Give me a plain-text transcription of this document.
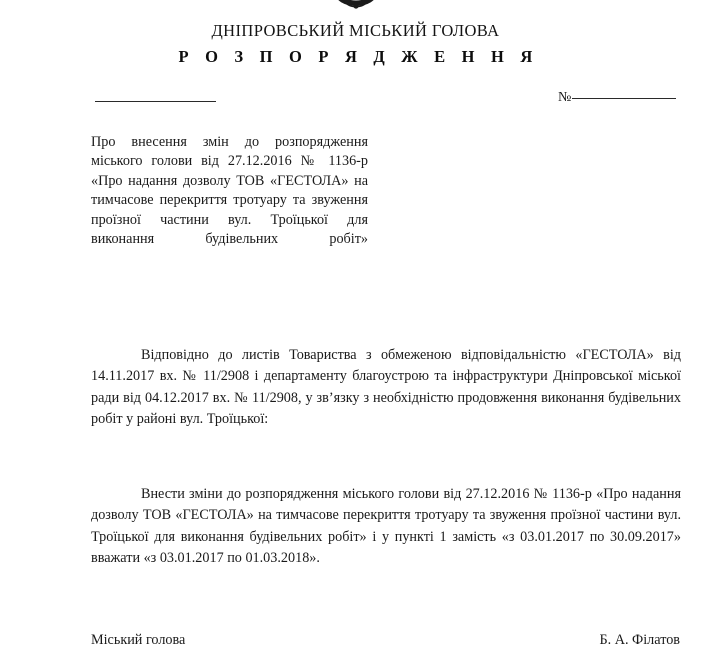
ДНІПРОВСЬКИЙ МІСЬКИЙ ГОЛОВА
Р О З П О Р Я Д Ж Е Н Н Я
№
Про внесення змін до розпорядження міського голови від 27.12.2016 № 1136-р «Про надання дозволу ТОВ «ГЕСТОЛА» на тимчасове перекриття тротуару та звуження проїзної частини вул. Троїцької для виконання будівельних робіт»

Відповідно до листів Товариства з обмеженою відповідальністю «ГЕСТОЛА» від 14.11.2017 вх. № 11/2908 і департаменту благоустрою та інфраструктури Дніпровської міської ради від 04.12.2017 вх. № 11/2908, у зв’язку з необхідністю продовження виконання будівельних робіт у районі вул. Троїцької:

Внести зміни до розпорядження міського голови від 27.12.2016 № 1136-р «Про надання дозволу ТОВ «ГЕСТОЛА» на тимчасове перекриття тротуару та звуження проїзної частини вул. Троїцької для виконання будівельних робіт» і у пункті 1 замість «з 03.01.2017 по 30.09.2017» вважати «з 03.01.2017 по 01.03.2018».

Міський голова	Б. А. Філатов
